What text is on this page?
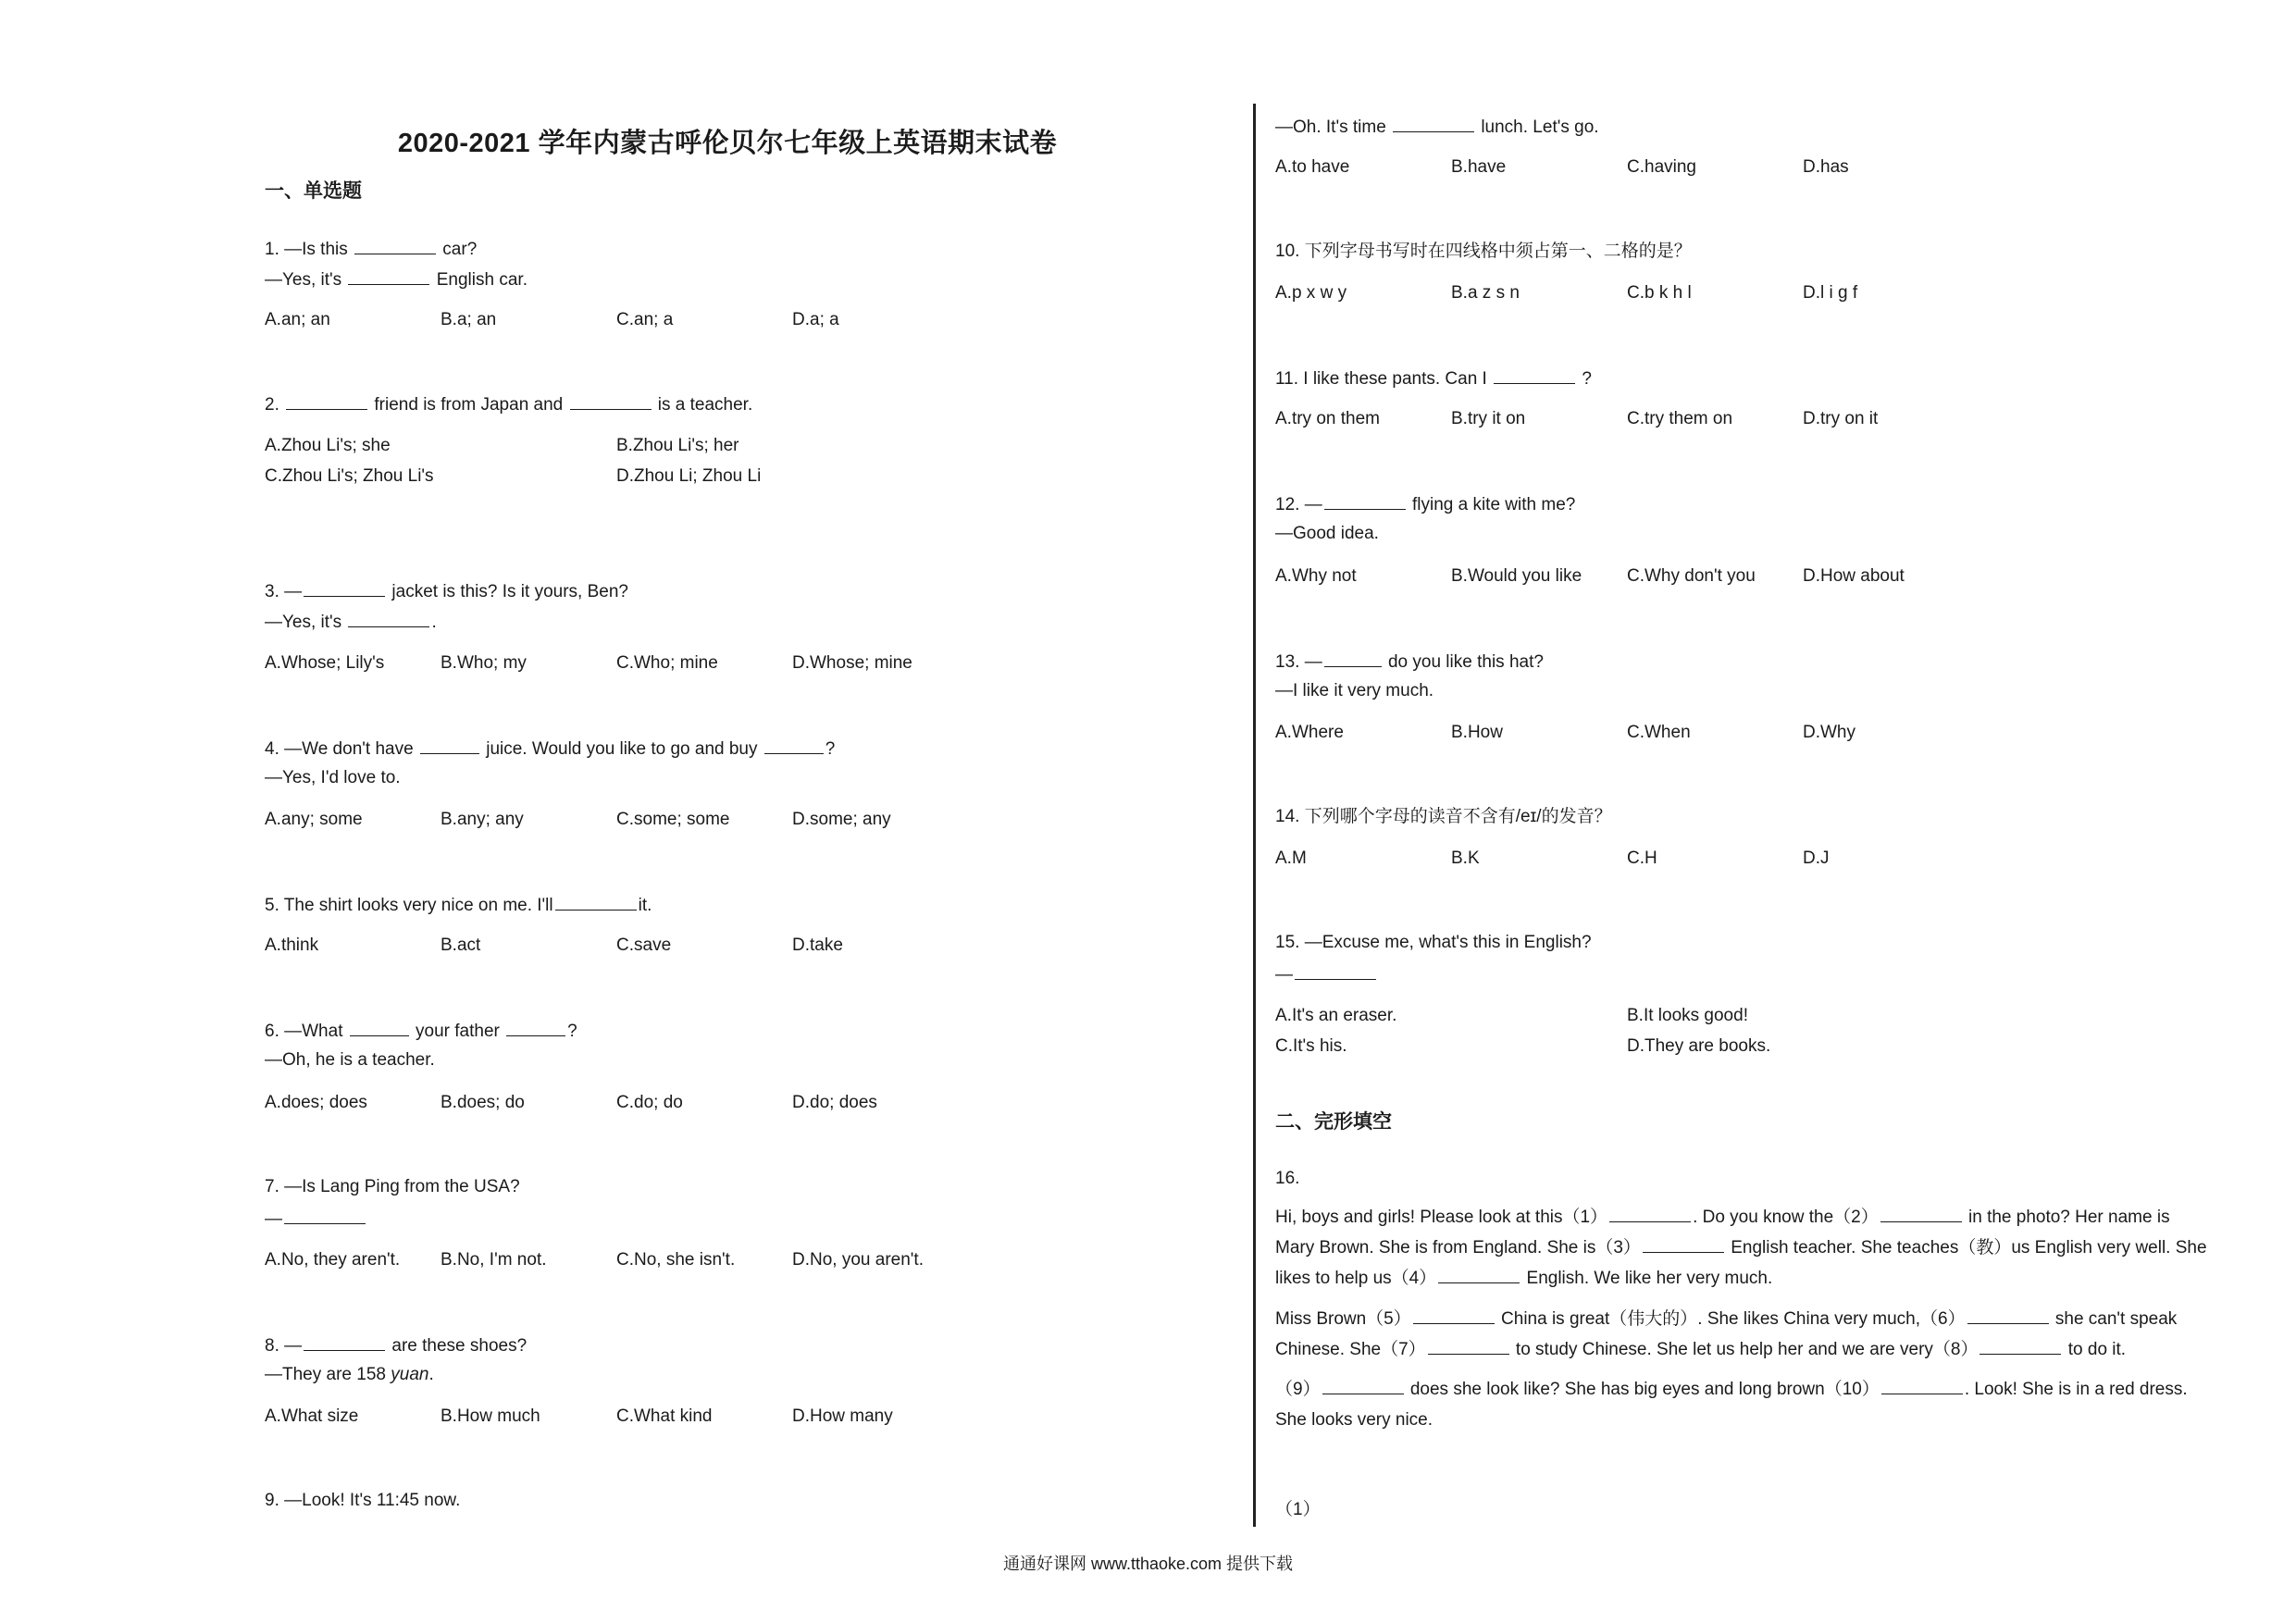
2020-2021 学年内蒙古呼伦贝尔七年级上英语期末试卷
一、单选题
1. —Is this	car?
—Yes, it's	English car.
A.an; an	B.a; an	C.an; a	D.a; a
2.	friend is from Japan and	is a teacher.
A.Zhou Li's; she	B.Zhou Li's; her
C.Zhou Li's; Zhou Li's	D.Zhou Li; Zhou Li
3. —	jacket is this? Is it yours, Ben?
—Yes, it's	.
A.Whose; Lily's	B.Who; my	C.Who; mine	D.Whose; mine
4. —We don't have	juice. Would you like to go and buy	?
—Yes, I'd love to.
A.any; some	B.any; any	C.some; some	D.some; any
5. The shirt looks very nice on me. I'll	it.
A.think	B.act	C.save	D.take
6. —What	your father	?
—Oh, he is a teacher.
A.does; does	B.does; do	C.do; do	D.do; does
7. —Is Lang Ping from the USA?
—
A.No, they aren't. B.No, I'm not.	C.No, she isn't.	D.No, you aren't.
8. —	are these shoes?
—They are 158 yuan.
A.What size	B.How much	C.What kind	D.How many
9. —Look! It's 11:45 now.
—Oh. It's time	lunch. Let's go.
A.to have	B.have	C.having	D.has
10. 下列字母书写时在四线格中须占第一、二格的是？
A.p x w y	B.a z s n	C.b k h l	D.l i g f
11. I like these pants. Can I	?
A.try on them	B.try it on	C.try them on	D.try on it
12. —	flying a kite with me?
—Good idea.
A.Why not	B.Would you like	C.Why don't you	D.How about
13. —	do you like this hat?
—I like it very much.
A.Where	B.How	C.When	D.Why
14. 下列哪个字母的读音不含有/eɪ/的发音？
A.M	B.K	C.H	D.J
15. —Excuse me, what's this in English?
—
A.It's an eraser.	B.It looks good!
C.It's his.	D.They are books.
二、完形填空
16.

Hi, boys and girls! Please look at this（1）	. Do you know the（2）	in the photo? Her name is

Mary Brown. She is from England. She is（3）	English teacher. She teaches（教）us English very well. She

likes to help us（4）	English. We like her very much.

Miss Brown（5）	China is great（伟大的）. She likes China very much,（6）	she can't speak

Chinese. She（7）	to study Chinese. She let us help her and we are very（8）	to do it.

（9）	does she look like? She has big eyes and long brown（10）	. Look! She is in a red dress.

She looks very nice.

（1）
通通好课网 www.tthaoke.com 提供下载
